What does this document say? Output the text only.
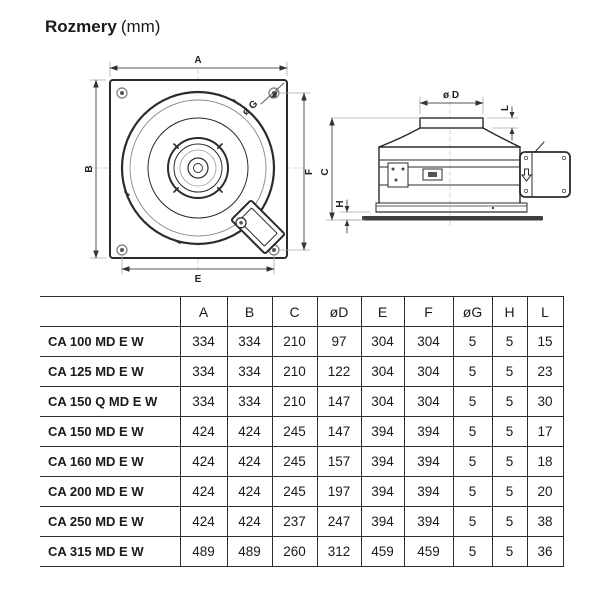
Rozmery (mm)
A
B	F
E
ø G
ø D
L
C
H
	A	B	C	øD	E	F	øG	H	L
CA 100 MD E W	334	334	210	97	304	304	5	5	15
CA 125 MD E W	334	334	210	122	304	304	5	5	23
CA 150 Q MD E W	334	334	210	147	304	304	5	5	30
CA 150 MD E W	424	424	245	147	394	394	5	5	17
CA 160 MD E W	424	424	245	157	394	394	5	5	18
CA 200 MD E W	424	424	245	197	394	394	5	5	20
CA 250 MD E W	424	424	237	247	394	394	5	5	38
CA 315 MD E W	489	489	260	312	459	459	5	5	36
